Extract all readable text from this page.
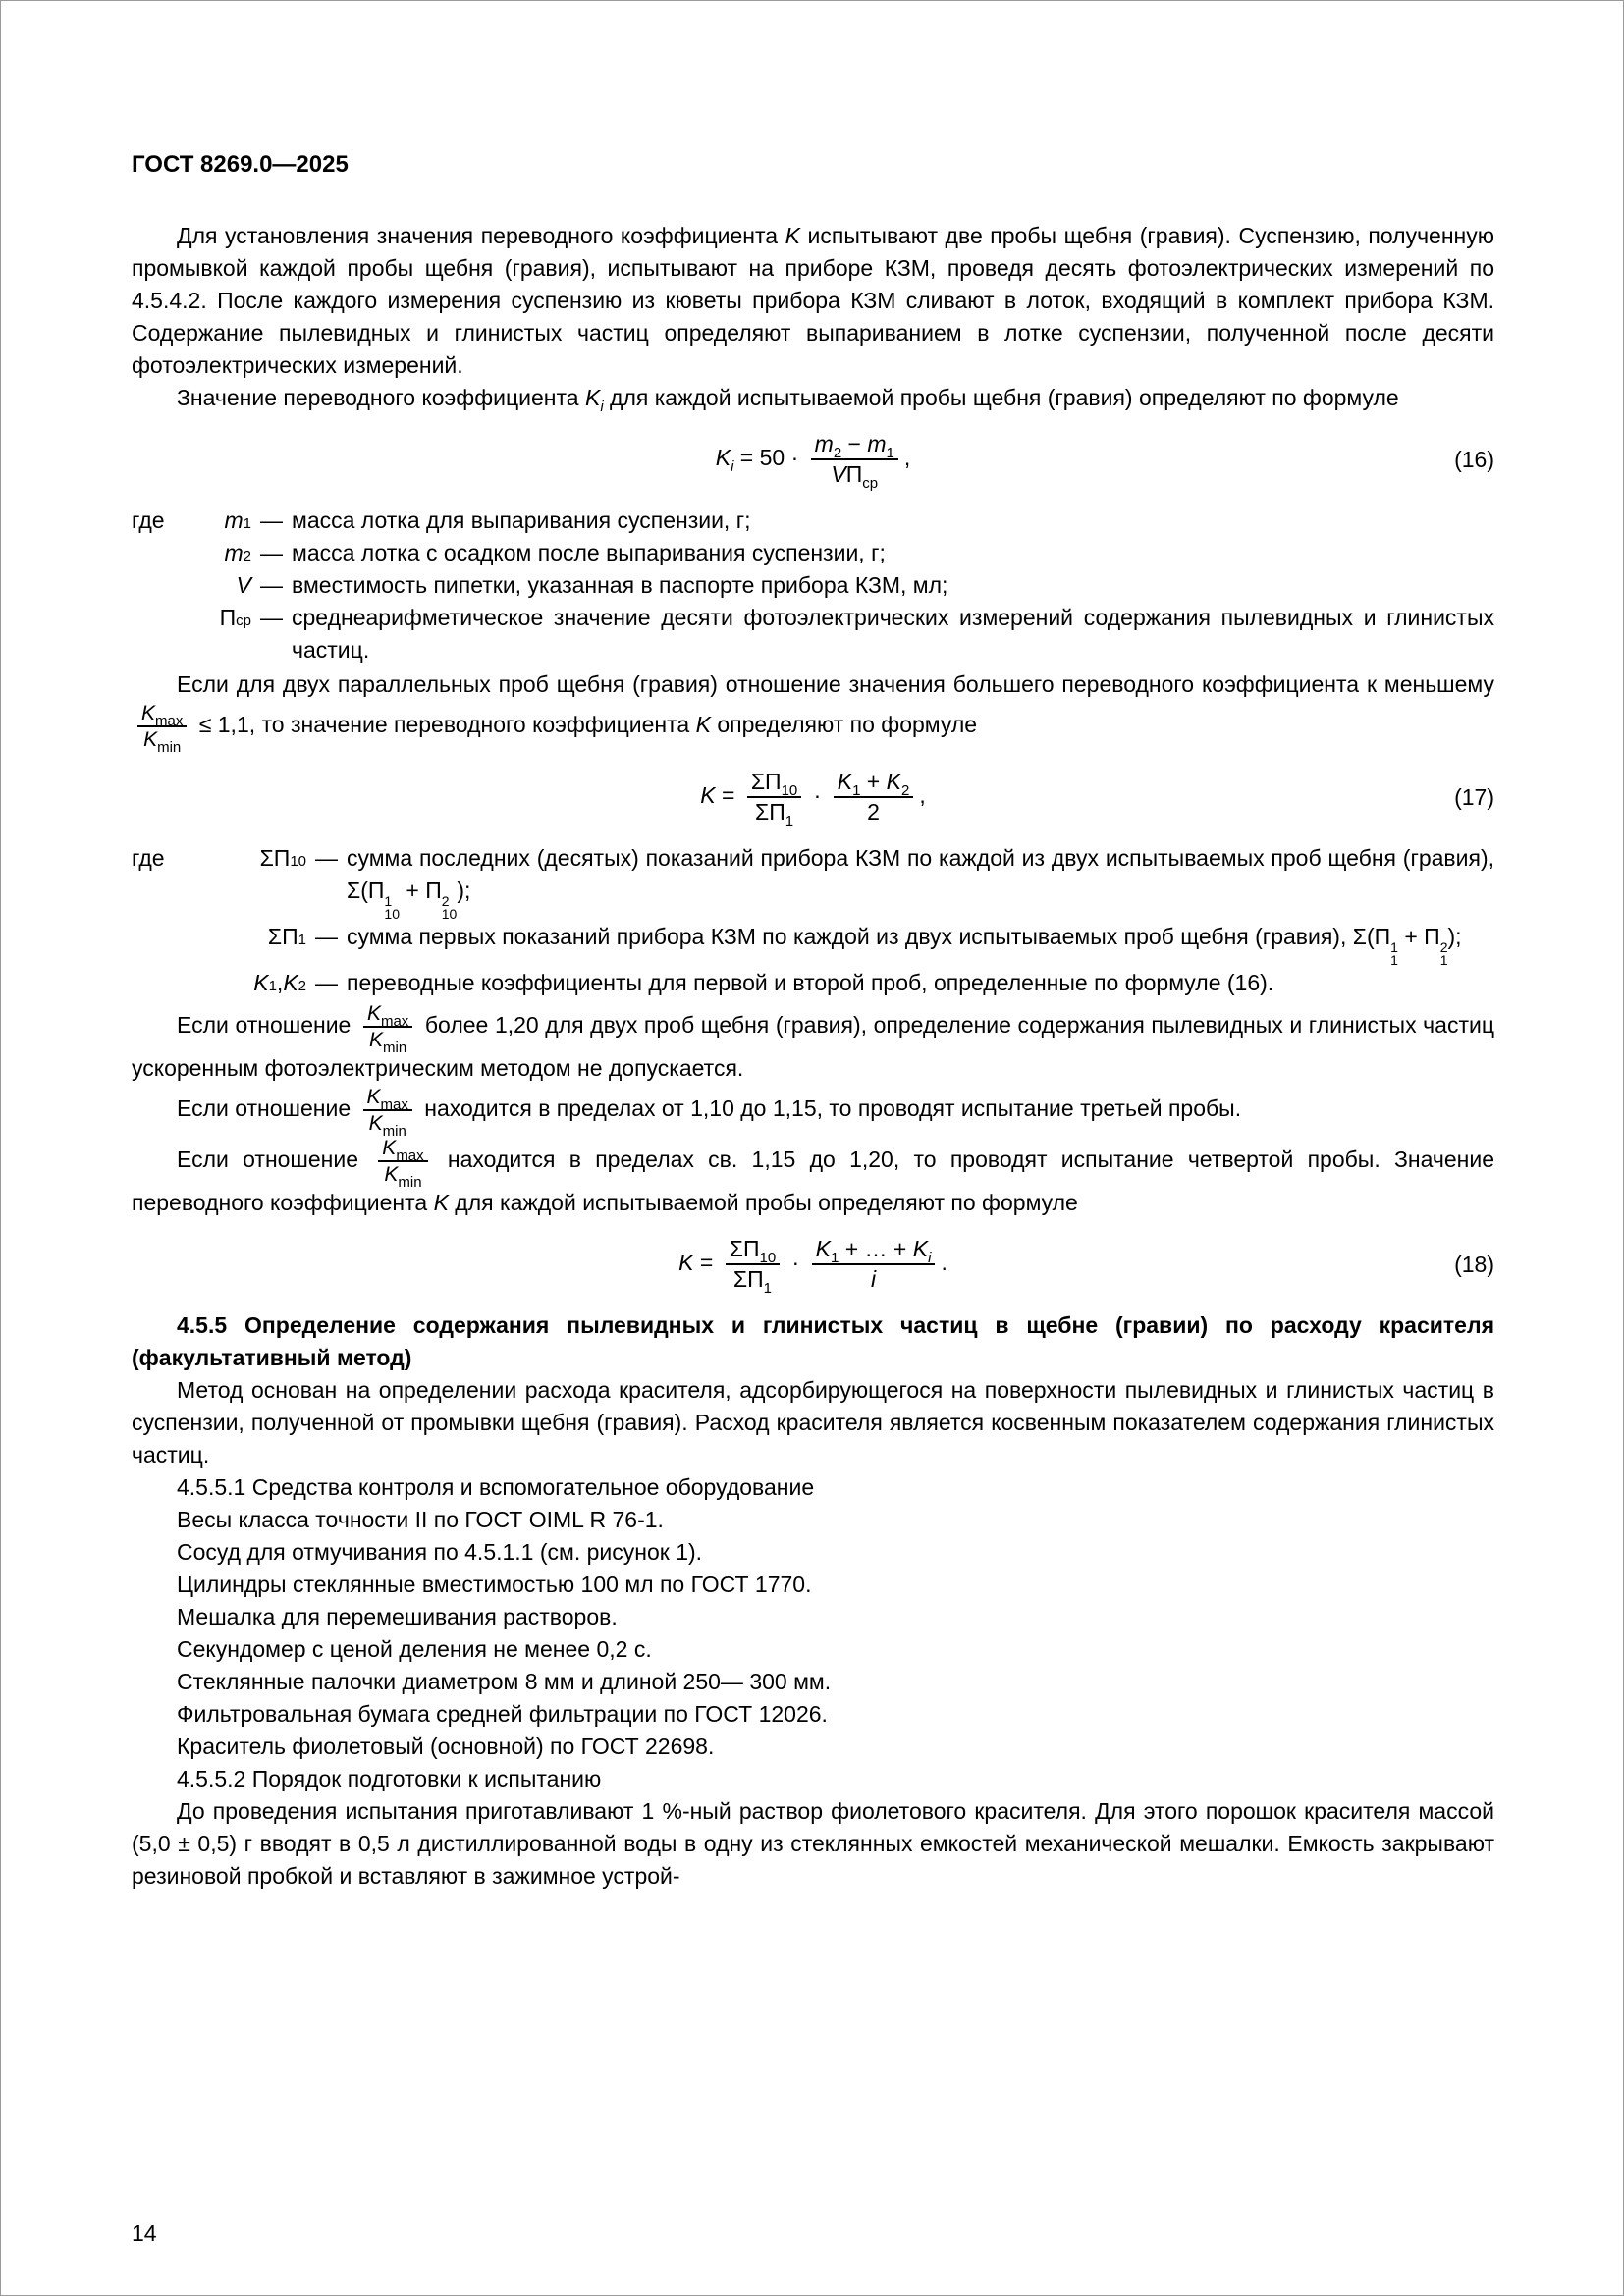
ГОСТ 8269.0—2025

Для установления значения переводного коэффициента K испытывают две пробы щебня (гравия). Суспензию, полученную промывкой каждой пробы щебня (гравия), испытывают на приборе КЗМ, проведя десять фотоэлектрических измерений по 4.5.4.2. После каждого измерения суспензию из кюветы прибора КЗМ сливают в лоток, входящий в комплект прибора КЗМ. Содержание пылевидных и глинистых частиц определяют выпариванием в лотке суспензии, полученной после десяти фотоэлектрических измерений.

Значение переводного коэффициента $K_i$ для каждой испытываемой пробы щебня (гравия) определяют по формуле

$K_i = 50 \cdot \frac{m_2 - m_1}{VП_{ср}}$ ,	(16)
где	m 1 — масса лотка для выпаривания суспензии, г;
m 2 — масса лотка с осадком после выпаривания суспензии, г;
V — вместимость пипетки, указанная в паспорте прибора КЗМ, мл;
П ср — среднеарифметическое значение десяти фотоэлектрических измерений содержания пылевидных и глинистых частиц.

Если для двух параллельных проб щебня (гравия) отношение значения большего переводного коэффициента к меньшему
$\frac{K_{max}}{K_{min}} \le 1,1$, то значение переводного коэффициента K определяют по формуле

$K = \frac{\Sigma П_{10}}{\Sigma П_1} \cdot \frac{K_1 + K_2}{2}$ ,	(17)
где	ΣП 10 — сумма последних (десятых) показаний прибора КЗМ по каждой из двух испытываемых проб щебня (гравия), Σ(П 1
10
+ П 2
10
);
ΣП 1 — сумма первых показаний прибора КЗМ по каждой из двух испытываемых проб щебня (гравия), Σ(П 1
1
+ П 2
1
);
K 1 , K 2 — переводные коэффициенты для первой и второй проб, определенные по формуле (16).

Если отношение $\frac{K_{max}}{K_{min}}$ более 1,20 для двух проб щебня (гравия), определение содержания пылевидных и глинистых частиц ускоренным фотоэлектрическим методом не допускается.

Если отношение $\frac{K_{max}}{K_{min}}$ находится в пределах от 1,10 до 1,15, то проводят испытание третьей пробы.

Если отношение $\frac{K_{max}}{K_{min}}$ находится в пределах св. 1,15 до 1,20, то проводят испытание четвертой пробы. Значение переводного коэффициента K для каждой испытываемой пробы определяют по формуле

$K = \frac{\Sigma П_{10}}{\Sigma П_1} \cdot \frac{K_1 + \dots + K_i}{i}$ .	(18)

4.5.5 Определение содержания пылевидных и глинистых частиц в щебне (гравии) по расходу красителя (факультативный метод)

Метод основан на определении расхода красителя, адсорбирующегося на поверхности пылевидных и глинистых частиц в суспензии, полученной от промывки щебня (гравия). Расход красителя является косвенным показателем содержания глинистых частиц.

4.5.5.1 Средства контроля и вспомогательное оборудование

Весы класса точности II по ГОСТ OIML R 76-1.

Сосуд для отмучивания по 4.5.1.1 (см. рисунок 1).

Цилиндры стеклянные вместимостью 100 мл по ГОСТ 1770.

Мешалка для перемешивания растворов.

Секундомер с ценой деления не менее 0,2 с.

Стеклянные палочки диаметром 8 мм и длиной 250— 300 мм.

Фильтровальная бумага средней фильтрации по ГОСТ 12026.

Краситель фиолетовый (основной) по ГОСТ 22698.

4.5.5.2 Порядок подготовки к испытанию

До проведения испытания приготавливают 1 %-ный раствор фиолетового красителя. Для этого порошок красителя массой (5,0 ± 0,5) г вводят в 0,5 л дистиллированной воды в одну из стеклянных емкостей механической мешалки. Емкость закрывают резиновой пробкой и вставляют в зажимное устрой-

14
